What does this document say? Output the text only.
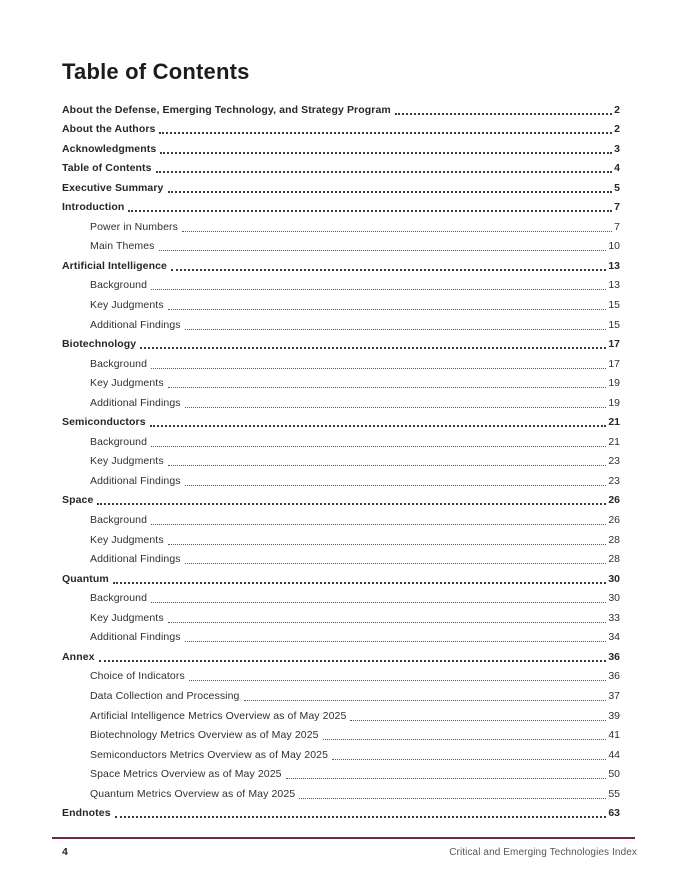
Table of Contents
About the Defense, Emerging Technology, and Strategy Program	2
About the Authors	2
Acknowledgments	3
Table of Contents	4
Executive Summary	5
Introduction	7
Power in Numbers	7
Main Themes	10
Artificial Intelligence	13
Background	13
Key Judgments	15
Additional Findings	15
Biotechnology	17
Background	17
Key Judgments	19
Additional Findings	19
Semiconductors	21
Background	21
Key Judgments	23
Additional Findings	23
Space	26
Background	26
Key Judgments	28
Additional Findings	28
Quantum	30
Background	30
Key Judgments	33
Additional Findings	34
Annex	36
Choice of Indicators	36
Data Collection and Processing	37
Artificial Intelligence Metrics Overview as of May 2025	39
Biotechnology Metrics Overview as of May 2025	41
Semiconductors Metrics Overview as of May 2025	44
Space Metrics Overview as of May 2025	50
Quantum Metrics Overview as of May 2025	55
Endnotes	63
4	Critical and Emerging Technologies Index
